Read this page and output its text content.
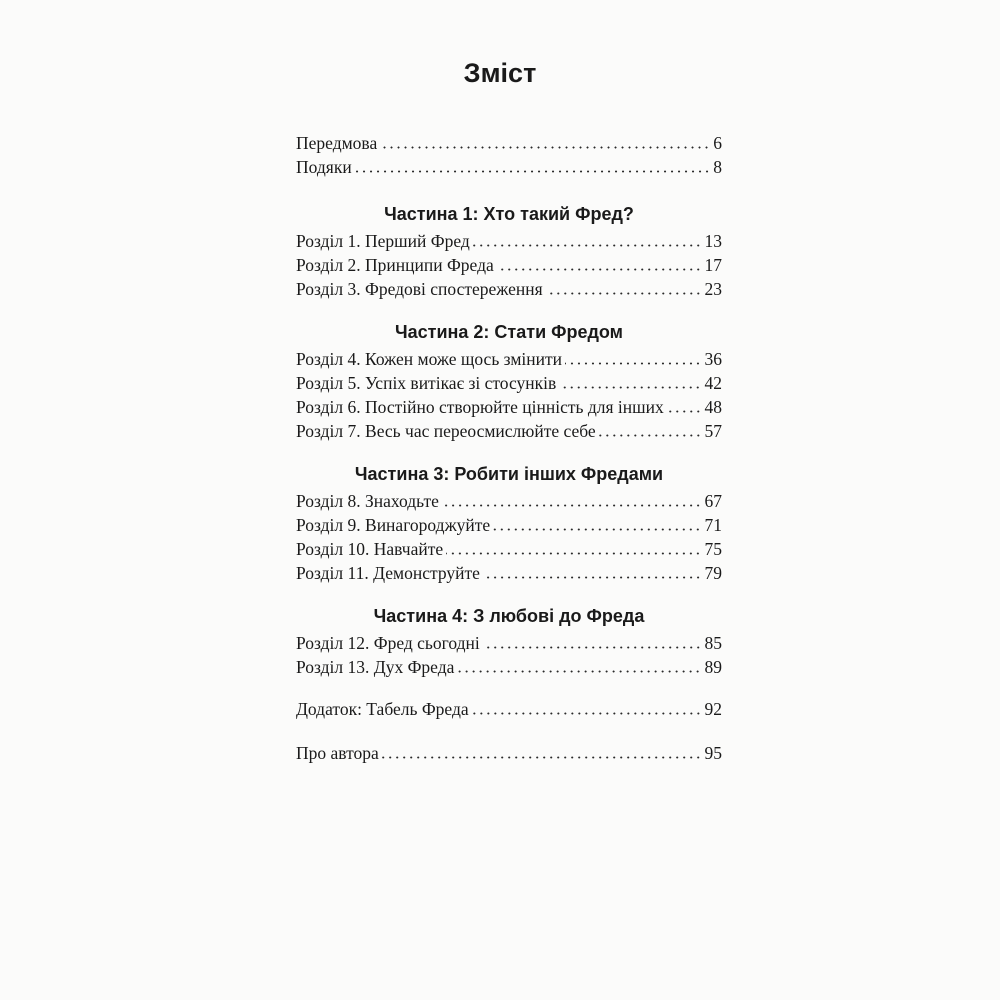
Зміст
Передмова	6
Подяки	8
Частина 1: Хто такий Фред?
Розділ 1. Перший Фред	13
Розділ 2. Принципи Фреда	17
Розділ 3. Фредові спостереження	23
Частина 2: Стати Фредом
Розділ 4. Кожен може щось змінити	36
Розділ 5. Успіх витікає зі стосунків	42
Розділ 6. Постійно створюйте цінність для інших 48
Розділ 7. Весь час переосмислюйте себе	57
Частина 3: Робити інших Фредами
Розділ 8. Знаходьте	67
Розділ 9. Винагороджуйте	71
Розділ 10. Навчайте	75
Розділ 11. Демонструйте	79
Частина 4: З любові до Фреда
Розділ 12. Фред сьогодні	85
Розділ 13. Дух Фреда	89
Додаток: Табель Фреда	92
Про автора	95
